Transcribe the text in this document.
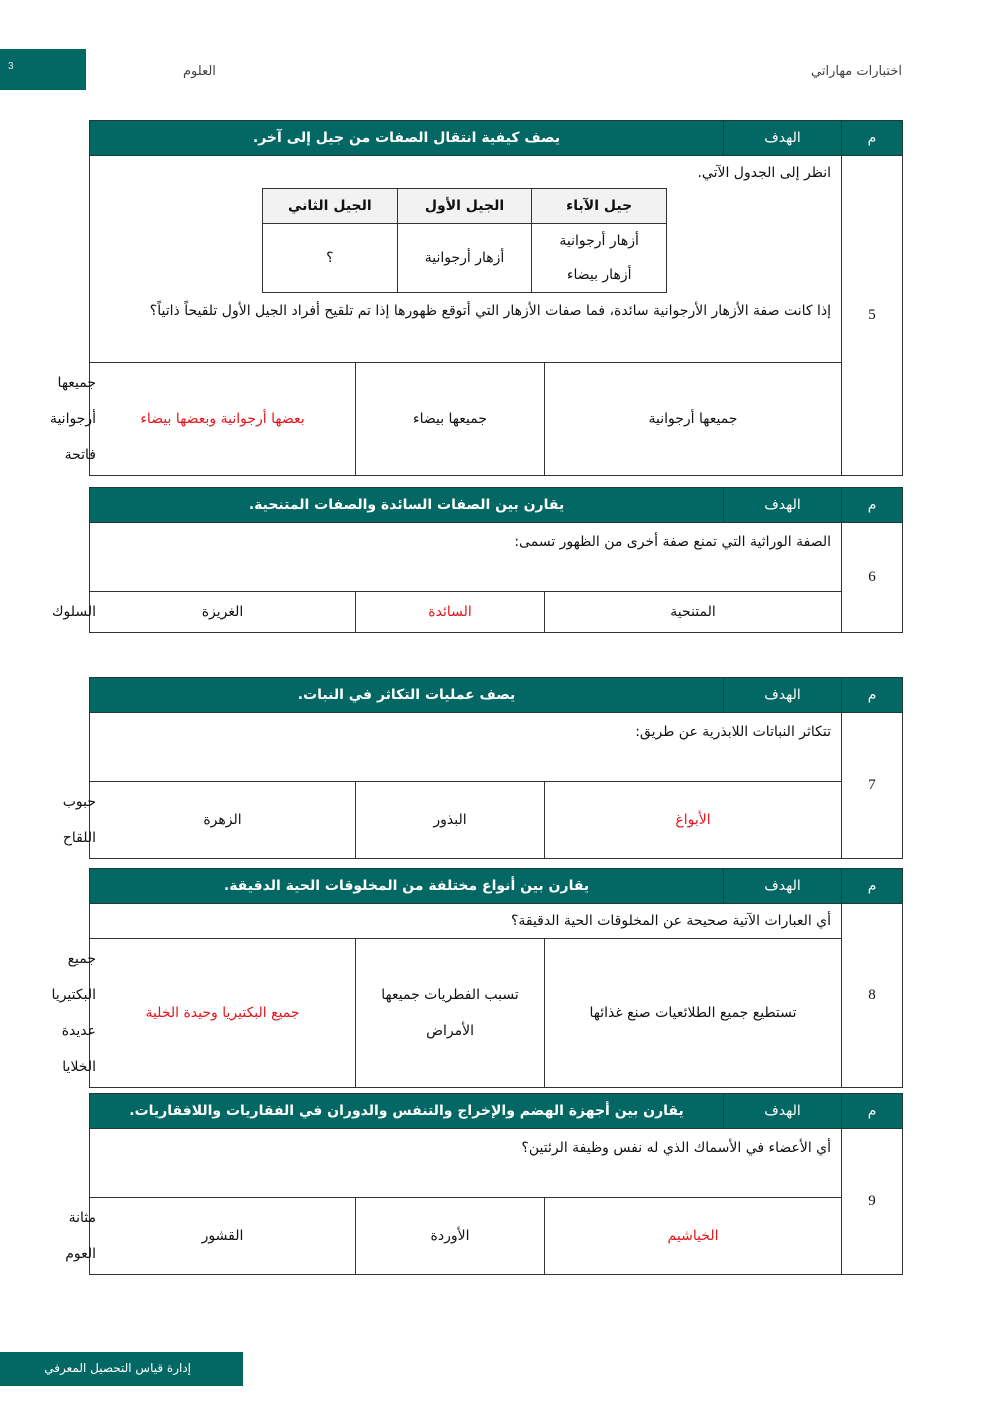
3	العلوم	اختبارات مهاراتي
م	الهدف	يصف كيفية انتقال الصفات من جيل إلى آخر.
5	
انظر إلى الجدول الآتي.
جيل الآباء	الجيل الأول	الجيل الثاني

أزهار أرجوانية
أزهار بيضاء
	أزهار أرجوانية	؟
إذا كانت صفة الأزهار الأرجوانية سائدة، فما صفات الأزهار التي أتوقع ظهورها إذا تم تلقيح أفراد الجيل الأول تلقيحاً ذاتياً؟

جميعها أرجوانية	جميعها بيضاء	بعضها أرجوانية وبعضها بيضاء	جميعها أرجوانية فاتحة
م	الهدف	يقارن بين الصفات السائدة والصفات المتنحية.			
6	الصفة الوراثية التي تمنع صفة أخرى من الظهور تسمى:				
	المتنحية		السائدة	الغريزة	السلوك
م	الهدف	يصف عمليات التكاثر في النبات.			
7	تتكاثر النباتات اللابذرية عن طريق:				
	الأبواغ		البذور	الزهرة	حبوب اللقاح
م	الهدف	يقارن بين أنواع مختلفة من المخلوقات الحية الدقيقة.			
8	أي العبارات الآتية صحيحة عن المخلوقات الحية الدقيقة؟				
	تستطيع جميع الطلائعيات صنع غذائها		تسبب الفطريات جميعها الأمراض	جميع البكتيريا وحيدة الخلية	جميع البكتيريا عديدة الخلايا
م	الهدف	يقارن بين أجهزة الهضم والإخراج والتنفس والدوران في الفقاريات واللافقاريات.			
9	أي الأعضاء في الأسماك الذي له نفس وظيفة الرئتين؟				
	الخياشيم		الأوردة	القشور	مثانة العوم
إدارة قياس التحصيل المعرفي
